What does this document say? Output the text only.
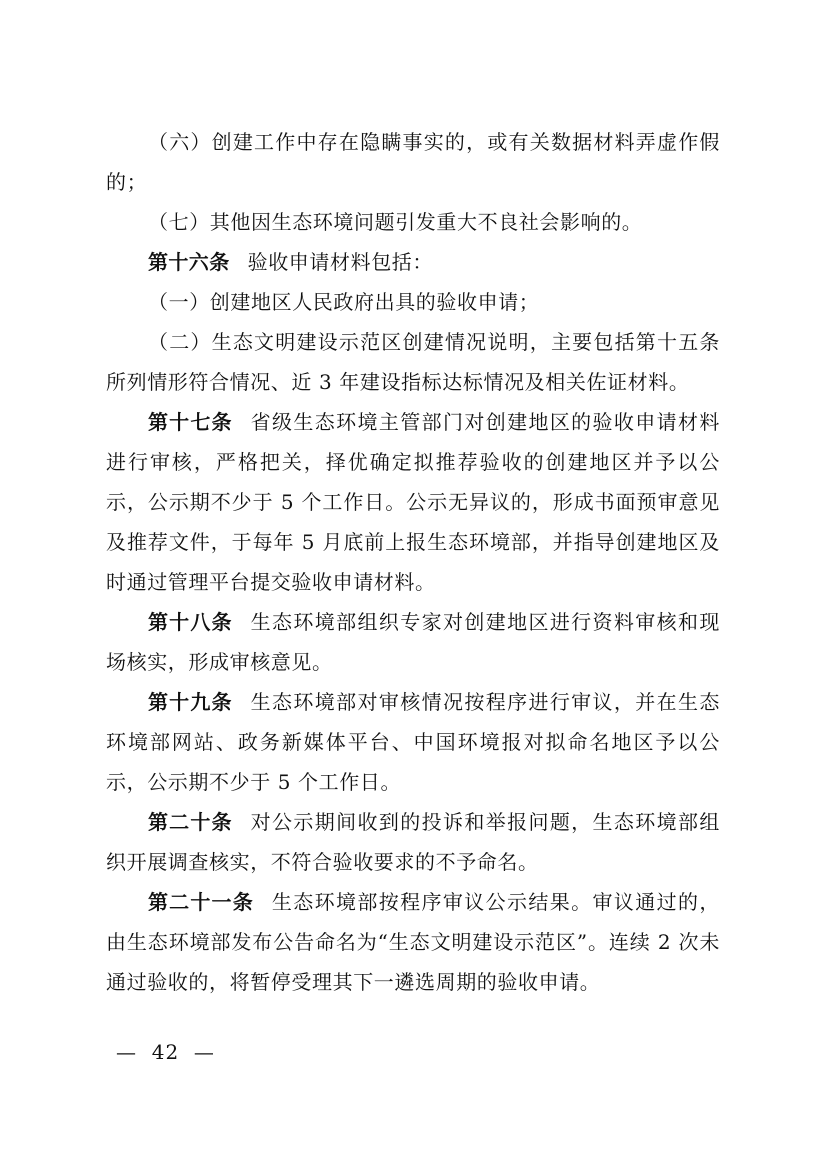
（六）创建工作中存在隐瞒事实的，或有关数据材料弄虚作假的；

（七）其他因生态环境问题引发重大不良社会影响的。

第十六条 验收申请材料包括：

（一）创建地区人民政府出具的验收申请；

（二）生态文明建设示范区创建情况说明，主要包括第十五条所列情形符合情况、近 3 年建设指标达标情况及相关佐证材料。

第十七条 省级生态环境主管部门对创建地区的验收申请材料进行审核，严格把关，择优确定拟推荐验收的创建地区并予以公示，公示期不少于 5 个工作日。公示无异议的，形成书面预审意见及推荐文件，于每年 5 月底前上报生态环境部，并指导创建地区及时通过管理平台提交验收申请材料。

第十八条 生态环境部组织专家对创建地区进行资料审核和现场核实，形成审核意见。

第十九条 生态环境部对审核情况按程序进行审议，并在生态环境部网站、政务新媒体平台、中国环境报对拟命名地区予以公示，公示期不少于 5 个工作日。

第二十条 对公示期间收到的投诉和举报问题，生态环境部组织开展调查核实，不符合验收要求的不予命名。

第二十一条 生态环境部按程序审议公示结果。审议通过的，由生态环境部发布公告命名为“生态文明建设示范区”。连续 2 次未通过验收的，将暂停受理其下一遴选周期的验收申请。

—  42  —
